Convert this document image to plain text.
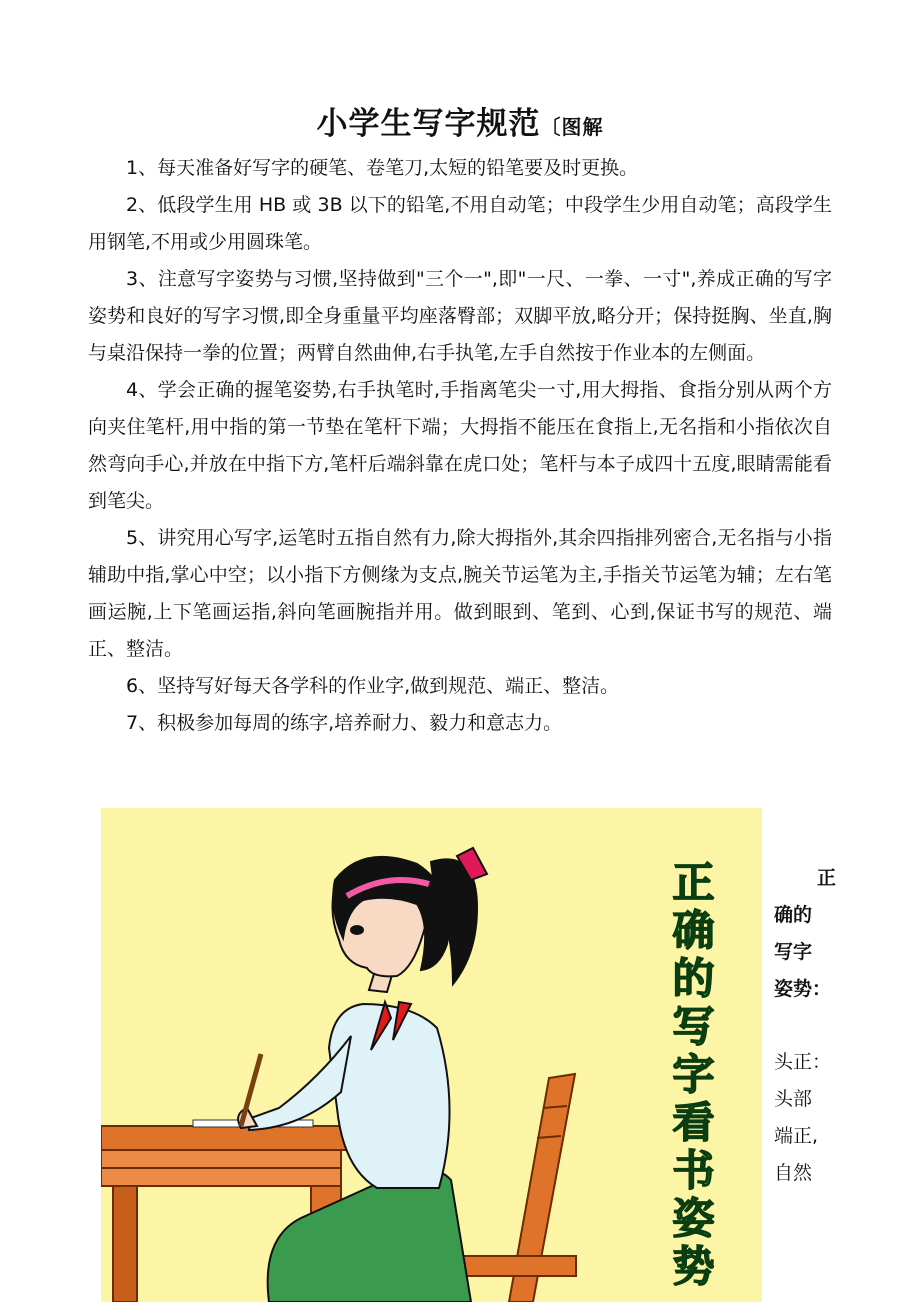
小学生写字规范〔图解

1、每天准备好写字的硬笔、卷笔刀,太短的铅笔要及时更换。

2、低段学生用 HB 或 3B 以下的铅笔,不用自动笔；中段学生少用自动笔；高段学生用钢笔,不用或少用圆珠笔。

3、注意写字姿势与习惯,坚持做到"三个一",即"一尺、一拳、一寸",养成正确的写字姿势和良好的写字习惯,即全身重量平均座落臀部；双脚平放,略分开；保持挺胸、坐直,胸与桌沿保持一拳的位置；两臂自然曲伸,右手执笔,左手自然按于作业本的左侧面。

4、学会正确的握笔姿势,右手执笔时,手指离笔尖一寸,用大拇指、食指分别从两个方向夹住笔杆,用中指的第一节垫在笔杆下端；大拇指不能压在食指上,无名指和小指依次自然弯向手心,并放在中指下方,笔杆后端斜靠在虎口处；笔杆与本子成四十五度,眼睛需能看到笔尖。

5、讲究用心写字,运笔时五指自然有力,除大拇指外,其余四指排列密合,无名指与小指辅助中指,掌心中空；以小指下方侧缘为支点,腕关节运笔为主,手指关节运笔为辅；左右笔画运腕,上下笔画运指,斜向笔画腕指并用。做到眼到、笔到、心到,保证书写的规范、端正、整洁。

6、坚持写好每天各学科的作业字,做到规范、端正、整洁。

7、积极参加每周的练字,培养耐力、毅力和意志力。

正确的写字看书姿势	正
确的
写字
姿势：
头正：
头部
端正,
自然
